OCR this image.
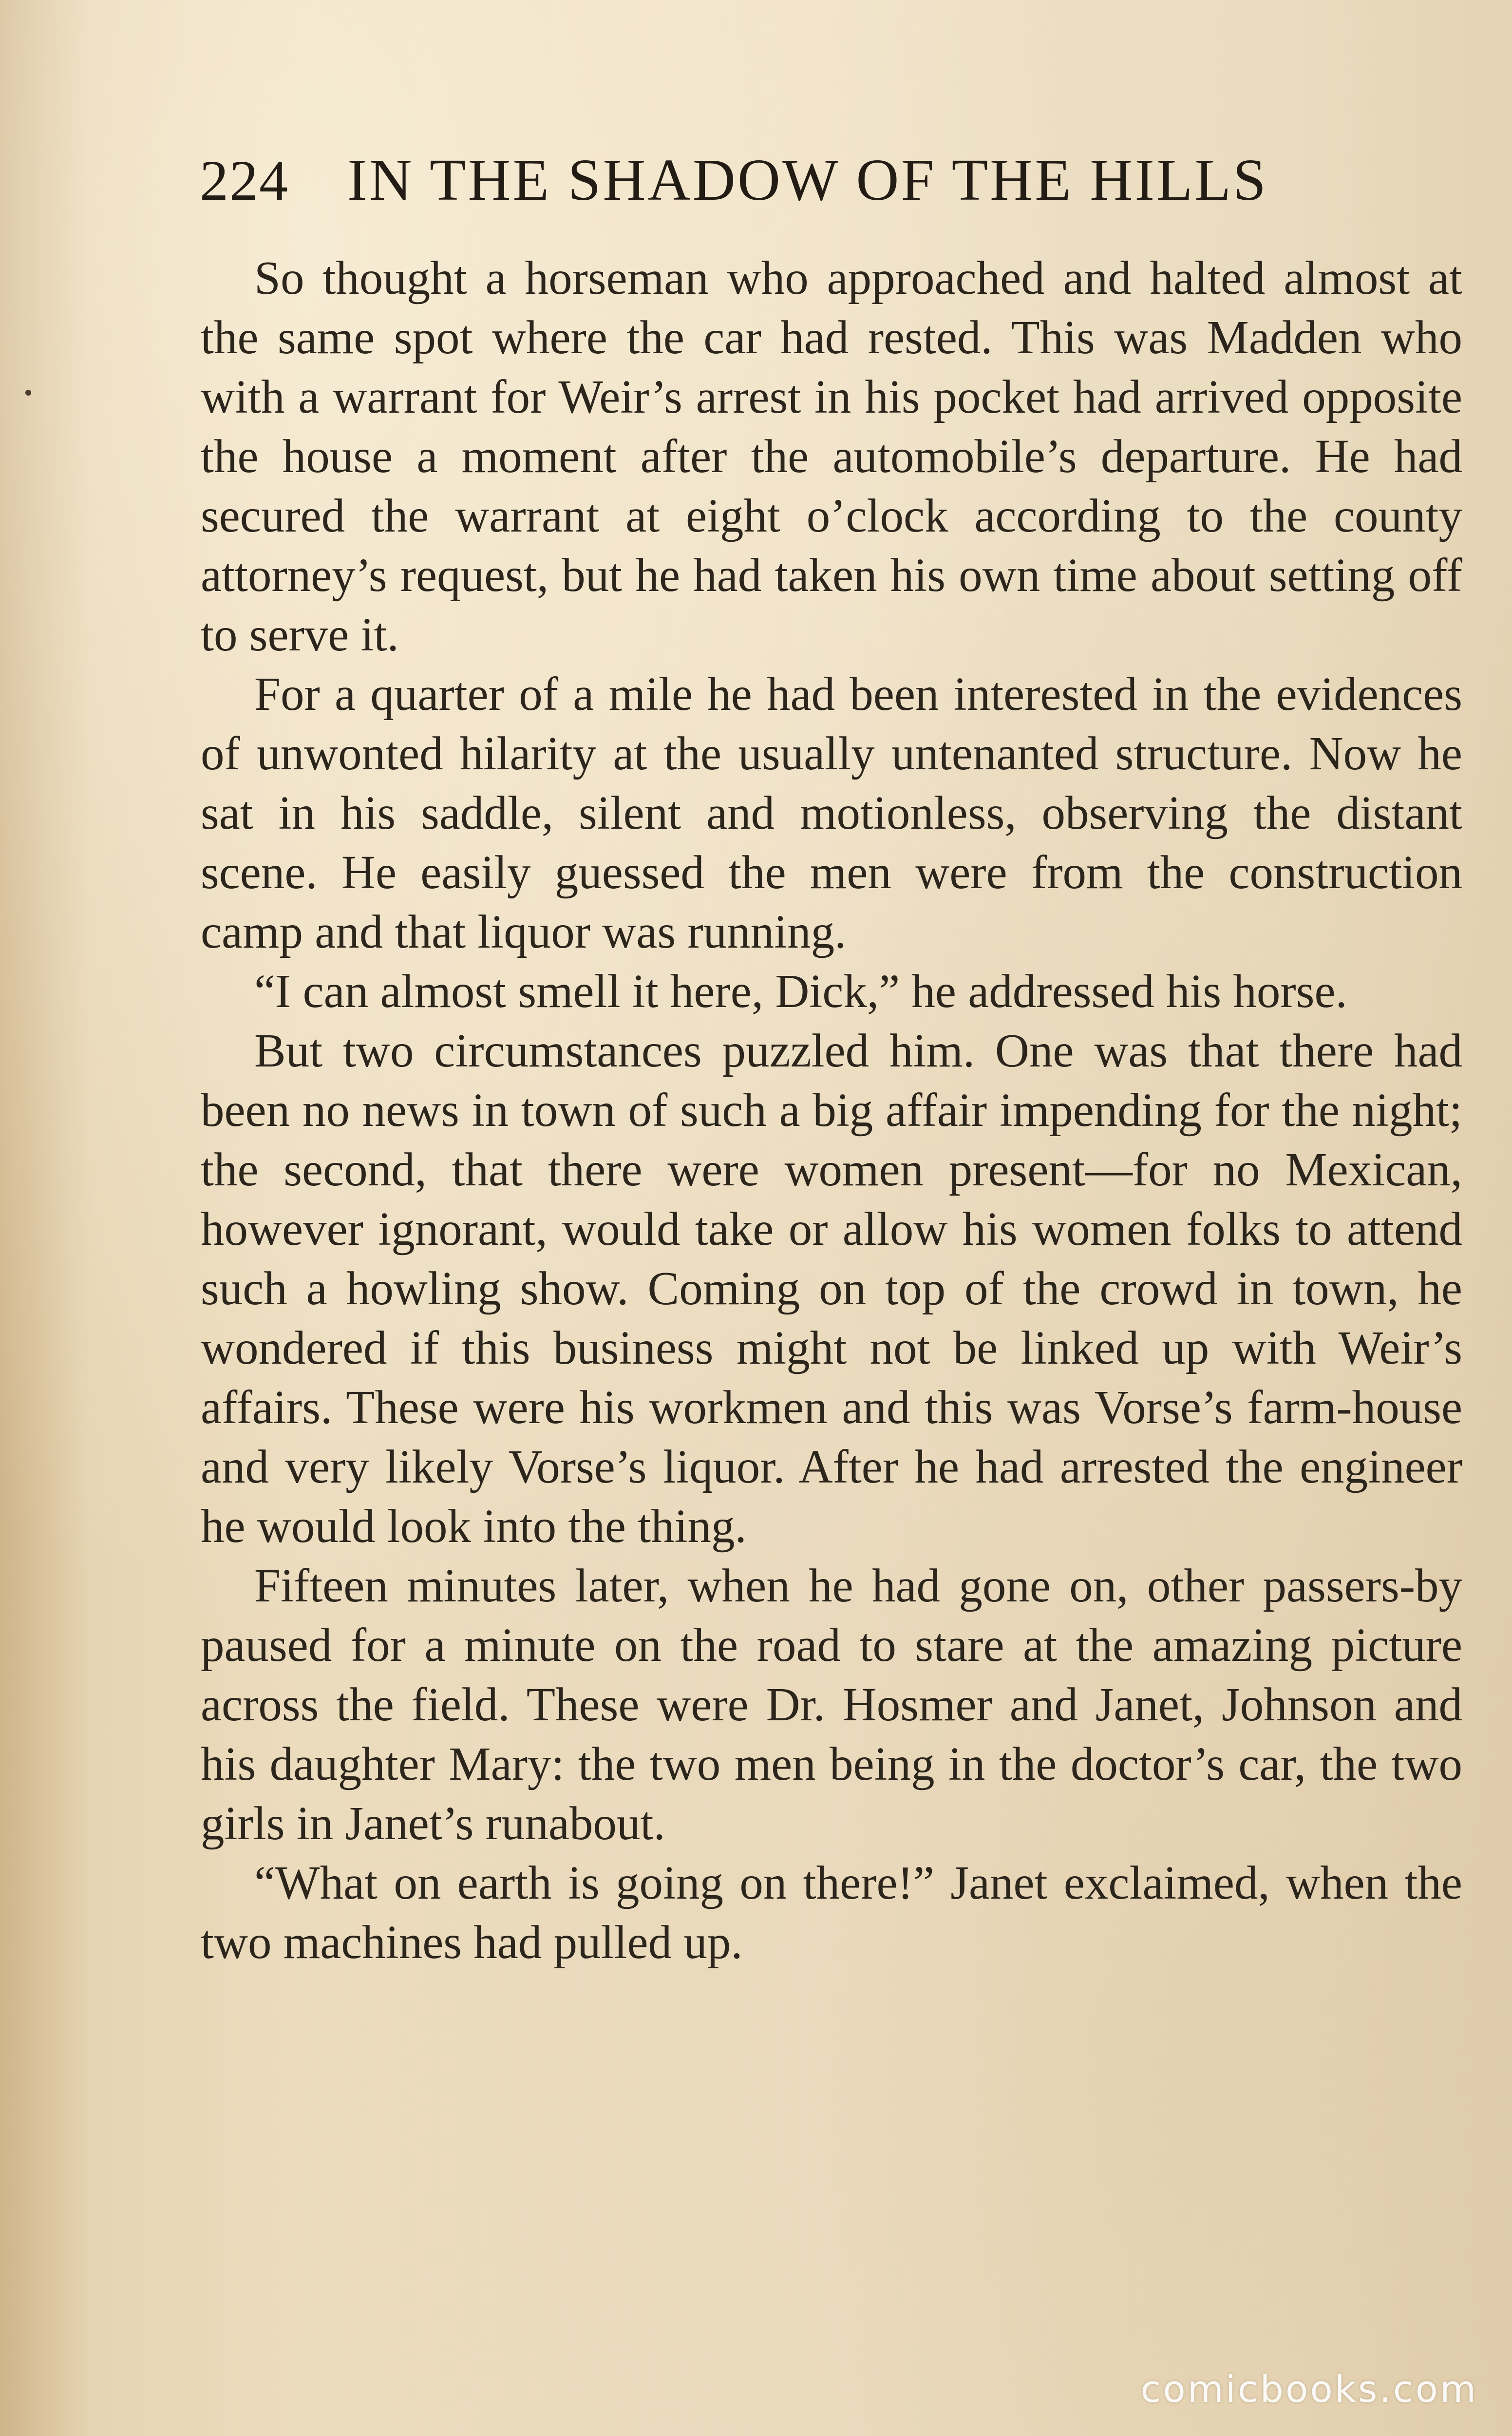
224 IN THE SHADOW OF THE HILLS

So thought a horseman who approached and halted almost at the same spot where the car had rested. This was Madden who with a warrant for Weir’s arrest in his pocket had arrived opposite the house a moment after the automobile’s departure. He had secured the warrant at eight o’clock according to the county attorney’s request, but he had taken his own time about setting off to serve it.

For a quarter of a mile he had been interested in the evidences of unwonted hilarity at the usually untenanted structure. Now he sat in his saddle, silent and motionless, observing the distant scene. He easily guessed the men were from the construction camp and that liquor was running.

“I can almost smell it here, Dick,” he addressed his horse.

But two circumstances puzzled him. One was that there had been no news in town of such a big affair impending for the night; the second, that there were women present—for no Mexican, however ignorant, would take or allow his women folks to attend such a howling show. Coming on top of the crowd in town, he wondered if this business might not be linked up with Weir’s affairs. These were his workmen and this was Vorse’s farm-house and very likely Vorse’s liquor. After he had arrested the engineer he would look into the thing.

Fifteen minutes later, when he had gone on, other passers-by paused for a minute on the road to stare at the amazing picture across the field. These were Dr. Hosmer and Janet, Johnson and his daughter Mary: the two men being in the doctor’s car, the two girls in Janet’s runabout.

“What on earth is going on there!” Janet exclaimed, when the two machines had pulled up.

comicbooks.com
